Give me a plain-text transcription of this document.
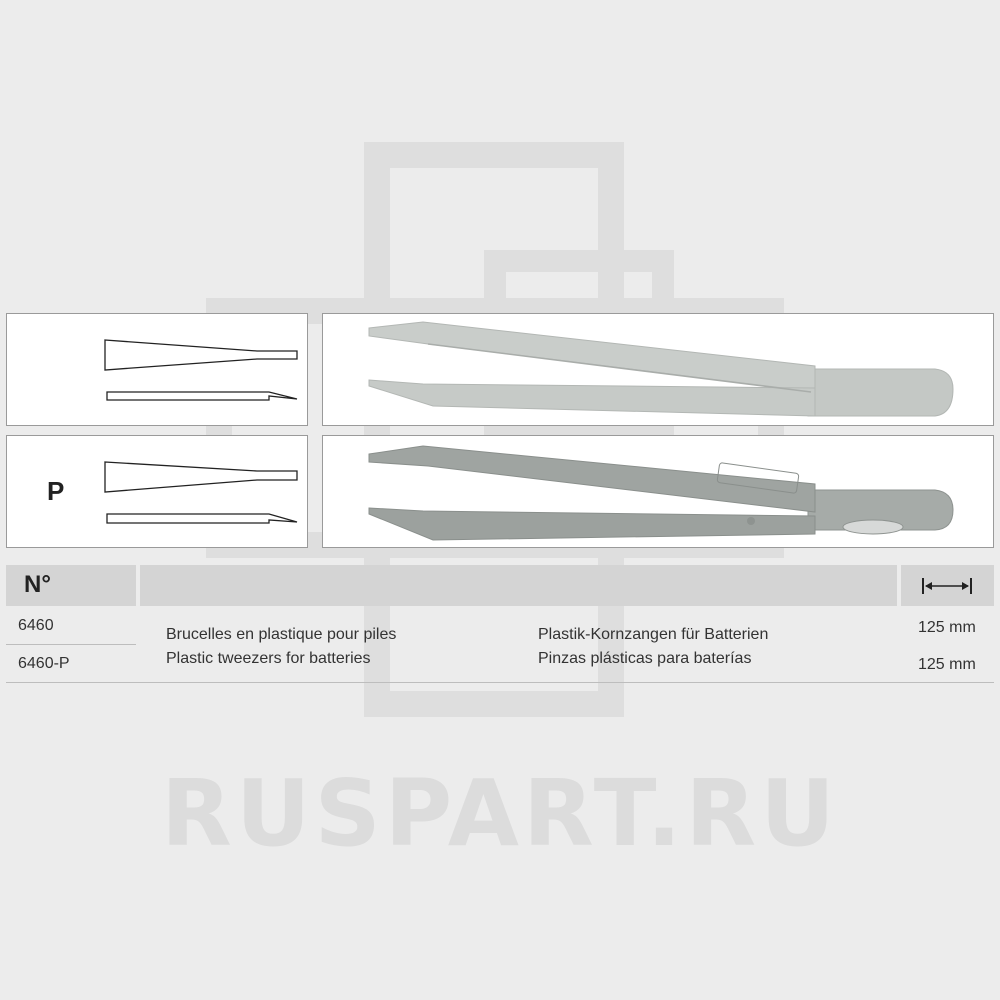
RUSPART.RU
P
N°
6460
6460-P
Brucelles en plastique pour piles
Plastic tweezers for batteries
Plastik-Kornzangen für Batterien
Pinzas plásticas para baterías
125 mm
125 mm
